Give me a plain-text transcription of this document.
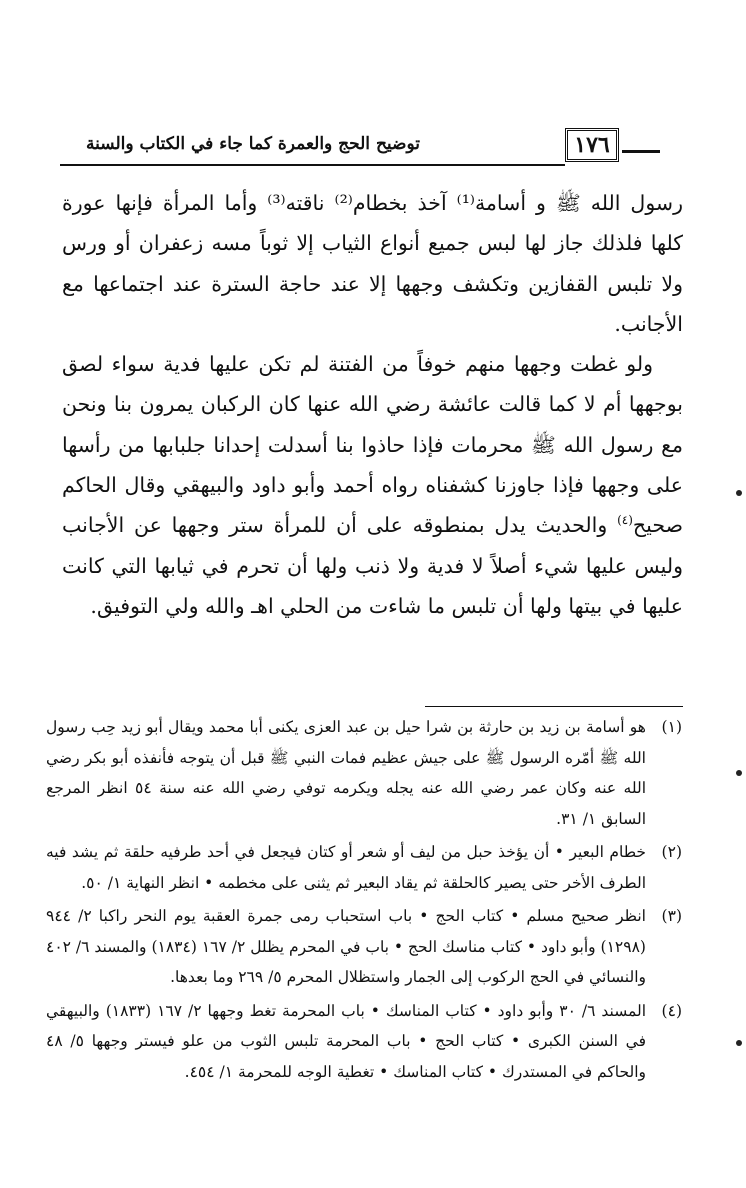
توضيح الحج والعمرة كما جاء في الكتاب والسنة	١٧٦

رسول الله ﷺ و أسامة⁽¹⁾ آخذ بخطام⁽²⁾ ناقته⁽³⁾ وأما المرأة فإنها عورة كلها فلذلك جاز لها لبس جميع أنواع الثياب إلا ثوباً مسه زعفران أو ورس ولا تلبس القفازين وتكشف وجهها إلا عند حاجة السترة عند اجتماعها مع الأجانب.

ولو غطت وجهها منهم خوفاً من الفتنة لم تكن عليها فدية سواء لصق بوجهها أم لا كما قالت عائشة رضي الله عنها كان الركبان يمرون بنا ونحن مع رسول الله ﷺ محرمات فإذا حاذوا بنا أسدلت إحدانا جلبابها من رأسها على وجهها فإذا جاوزنا كشفناه رواه أحمد وأبو داود والبيهقي وقال الحاكم صحيح$^{(٤)}$ والحديث يدل بمنطوقه على أن للمرأة ستر وجهها عن الأجانب وليس عليها شيء أصلاً لا فدية ولا ذنب ولها أن تحرم في ثيابها التي كانت عليها في بيتها ولها أن تلبس ما شاءت من الحلي اهـ والله ولي التوفيق.

(١)
هو أسامة بن زيد بن حارثة بن شرا حيل بن عبد العزى يكنى أبا محمد ويقال أبو زيد حِب رسول الله ﷺ أمّره الرسول ﷺ على جيش عظيم فمات النبي ﷺ قبل أن يتوجه فأنفذه أبو بكر رضي الله عنه وكان عمر رضي الله عنه يجله ويكرمه توفي رضي الله عنه سنة ٥٤ انظر المرجع السابق ١/ ٣١.
(٢)
خطام البعير • أن يؤخذ حبل من ليف أو شعر أو كتان فيجعل في أحد طرفيه حلقة ثم يشد فيه الطرف الأخر حتى يصير كالحلقة ثم يقاد البعير ثم يثنى على مخطمه • انظر النهاية ١/ ٥٠.
(٣)
انظر صحيح مسلم • كتاب الحج • باب استحباب رمى جمرة العقبة يوم النحر راكبا ٢/ ٩٤٤ (١٢٩٨) وأبو داود • كتاب مناسك الحج • باب في المحرم يظلل ٢/ ١٦٧ (١٨٣٤) والمسند ٦/ ٤٠٢ والنسائي في الحج الركوب إلى الجمار واستظلال المحرم ٥/ ٢٦٩ وما بعدها.
(٤)
المسند ٦/ ٣٠ وأبو داود • كتاب المناسك • باب المحرمة تغط وجهها ٢/ ١٦٧ (١٨٣٣) والبيهقي في السنن الكبرى • كتاب الحج • باب المحرمة تلبس الثوب من علو فيستر وجهها ٥/ ٤٨ والحاكم في المستدرك • كتاب المناسك • تغطية الوجه للمحرمة ١/ ٤٥٤.
